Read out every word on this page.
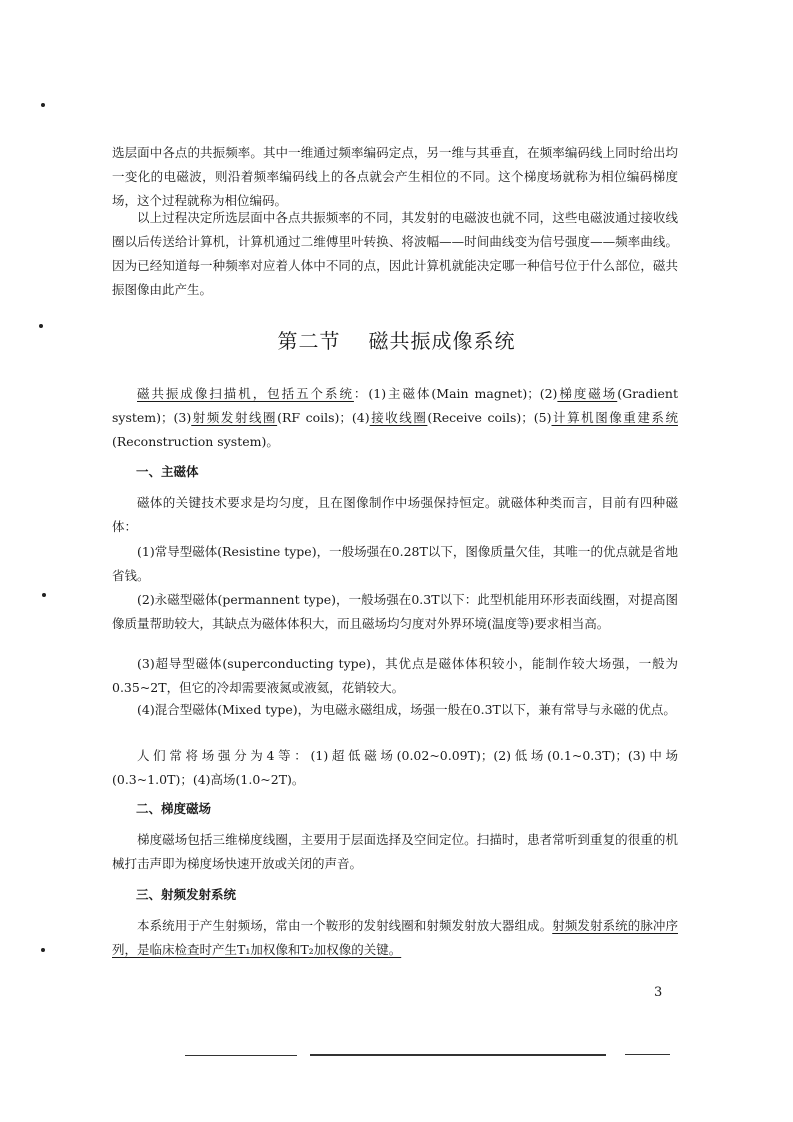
选层面中各点的共振频率。其中一维通过频率编码定点，另一维与其垂直，在频率编码线上同时给出均一变化的电磁波，则沿着频率编码线上的各点就会产生相位的不同。这个梯度场就称为相位编码梯度场，这个过程就称为相位编码。

以上过程决定所选层面中各点共振频率的不同，其发射的电磁波也就不同，这些电磁波通过接收线圈以后传送给计算机，计算机通过二维傅里叶转换、将波幅——时间曲线变为信号强度——频率曲线。因为已经知道每一种频率对应着人体中不同的点，因此计算机就能决定哪一种信号位于什么部位，磁共振图像由此产生。

第二节 磁共振成像系统

磁共振成像扫描机，包括五个系统：(1)主磁体(Main magnet)；(2)梯度磁场(Gradient system)；(3)射频发射线圈(RF coils)；(4)接收线圈(Receive coils)；(5)计算机图像重建系统(Reconstruction system)。

一、主磁体

磁体的关键技术要求是均匀度，且在图像制作中场强保持恒定。就磁体种类而言，目前有四种磁体：

(1)常导型磁体(Resistine type)，一般场强在0.28T以下，图像质量欠佳，其唯一的优点就是省地省钱。

(2)永磁型磁体(permannent type)，一般场强在0.3T以下：此型机能用环形表面线圈，对提高图像质量帮助较大，其缺点为磁体体积大，而且磁场均匀度对外界环境(温度等)要求相当高。

(3)超导型磁体(superconducting type)，其优点是磁体体积较小，能制作较大场强，一般为0.35~2T，但它的冷却需要液氮或液氦，花销较大。

(4)混合型磁体(Mixed type)，为电磁永磁组成，场强一般在0.3T以下，兼有常导与永磁的优点。

人们常将场强分为4等：(1)超低磁场(0.02~0.09T)；(2)低场(0.1~0.3T)；(3)中场(0.3~1.0T)；(4)高场(1.0~2T)。

二、梯度磁场

梯度磁场包括三维梯度线圈，主要用于层面选择及空间定位。扫描时，患者常听到重复的很重的机械打击声即为梯度场快速开放或关闭的声音。

三、射频发射系统

本系统用于产生射频场，常由一个鞍形的发射线圈和射频发射放大器组成。射频发射系统的脉冲序列，是临床检查时产生T₁加权像和T₂加权像的关键。

3
